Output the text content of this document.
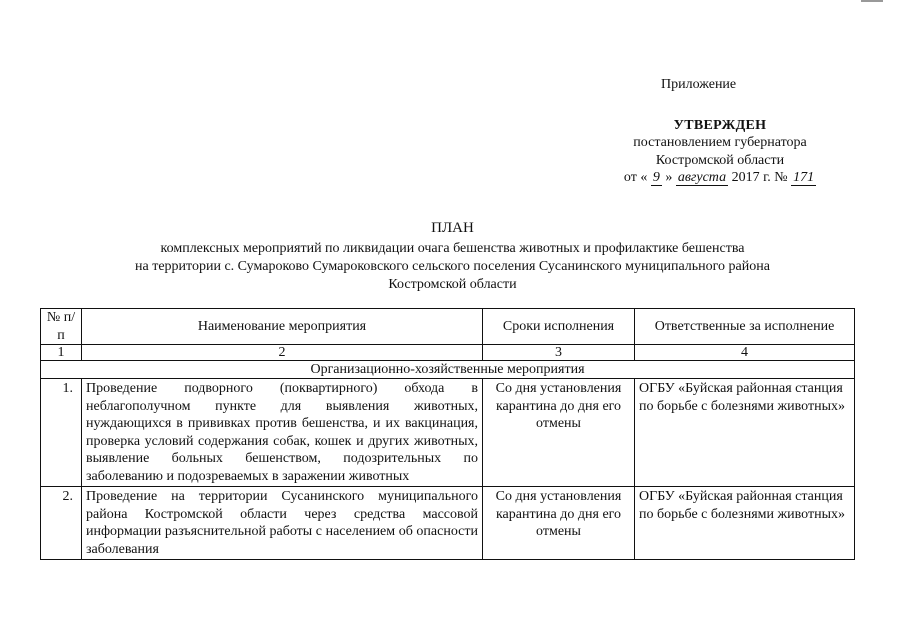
Приложение
УТВЕРЖДЕН
постановлением губернатора
Костромской области
от « 9 » августа 2017 г. № 171
ПЛАН
комплексных мероприятий по ликвидации очага бешенства животных и профилактике бешенства
на территории с. Сумароково Сумароковского сельского поселения Сусанинского муниципального района
Костромской области
№ п/п	Наименование мероприятия	Сроки исполнения	Ответственные за исполнение
1	2	3	4
Организационно-хозяйственные мероприятия			
1.	Проведение подворного (поквартирного) обхода в неблагополучном пункте для выявления животных, нуждающихся в прививках против бешенства, и их вакцинация, проверка условий содержания собак, кошек и других животных, выявление больных бешенством, подозрительных по заболеванию и подозреваемых в заражении животных	Со дня установления карантина до дня его отмены	ОГБУ «Буйская районная станция по борьбе с болезнями животных»
2.	Проведение на территории Сусанинского муниципального района Костромской области через средства массовой информации разъяснительной работы с населением об опасности заболевания	Со дня установления карантина до дня его отмены	ОГБУ «Буйская районная станция по борьбе с болезнями животных»
